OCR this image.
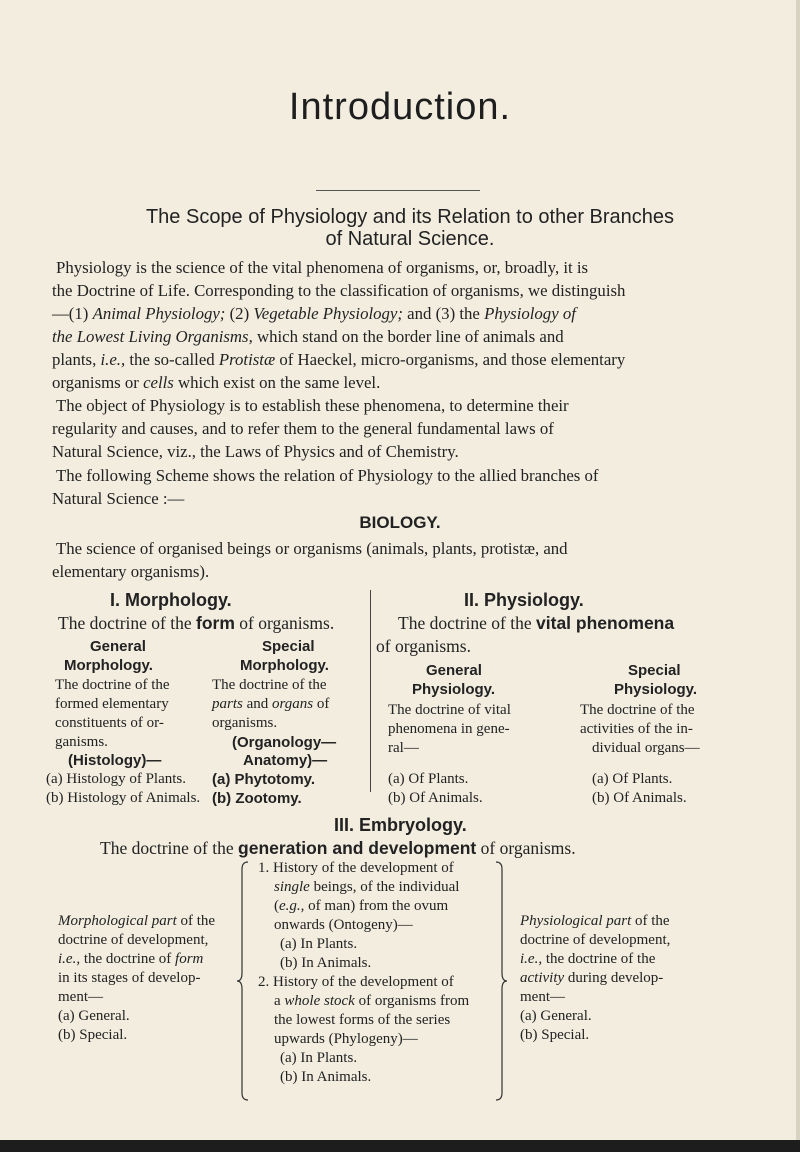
Introduction.
The Scope of Physiology and its Relation to other Branches
of Natural Science.
Physiology is the science of the vital phenomena of organisms, or, broadly, it is
the Doctrine of Life. Corresponding to the classification of organisms, we distinguish
—(1) Animal Physiology; (2) Vegetable Physiology; and (3) the Physiology of
the Lowest Living Organisms, which stand on the border line of animals and
plants, i.e., the so-called Protistæ of Haeckel, micro-organisms, and those elementary
organisms or cells which exist on the same level.
The object of Physiology is to establish these phenomena, to determine their
regularity and causes, and to refer them to the general fundamental laws of
Natural Science, viz., the Laws of Physics and of Chemistry.
The following Scheme shows the relation of Physiology to the allied branches of
Natural Science :—
BIOLOGY.
The science of organised beings or organisms (animals, plants, protistæ, and
elementary organisms).
I. Morphology.
The doctrine of the form of organisms.
General
Morphology.
The doctrine of the
formed elementary
constituents of or-
ganisms.
(Histology)—
(a) Histology of Plants.
(b) Histology of Animals.
Special
Morphology.
The doctrine of the
parts and organs of
organisms.
(Organology—
Anatomy)—
(a) Phytotomy.
(b) Zootomy.
II. Physiology.
The doctrine of the vital phenomena
of organisms.
General
Physiology.
The doctrine of vital
phenomena in gene-
ral—
(a) Of Plants.
(b) Of Animals.
Special
Physiology.
The doctrine of the
activities of the in-
dividual organs—
(a) Of Plants.
(b) Of Animals.
III. Embryology.
The doctrine of the generation and development of organisms.
Morphological part of the
doctrine of development,
i.e., the doctrine of form
in its stages of develop-
ment—
(a) General.
(b) Special.
1. History of the development of
single beings, of the individual
(e.g., of man) from the ovum
onwards (Ontogeny)—
(a) In Plants.
(b) In Animals.
2. History of the development of
a whole stock of organisms from
the lowest forms of the series
upwards (Phylogeny)—
(a) In Plants.
(b) In Animals.
Physiological part of the
doctrine of development,
i.e., the doctrine of the
activity during develop-
ment—
(a) General.
(b) Special.
